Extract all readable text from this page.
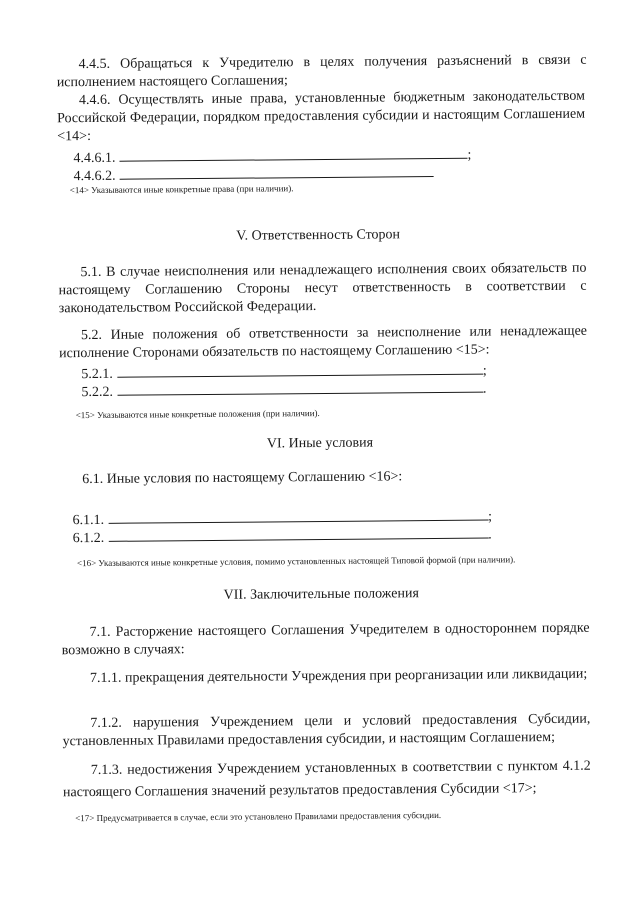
4.4.5. Обращаться к Учредителю в целях получения разъяснений в связи с исполнением настоящего Соглашения;

4.4.6. Осуществлять иные права, установленные бюджетным законодательством Российской Федерации, порядком предоставления субсидии и настоящим Соглашением <14>:

4.4.6.1.	;
4.4.6.2.
<14> Указываются иные конкретные права (при наличии).
V. Ответственность Сторон

5.1. В случае неисполнения или ненадлежащего исполнения своих обязательств по настоящему Соглашению Стороны несут ответственность в соответствии с законодательством Российской Федерации.

5.2. Иные положения об ответственности за неисполнение или ненадлежащее исполнение Сторонами обязательств по настоящему Соглашению <15>:

5.2.1.	;
5.2.2.	.
<15> Указываются иные конкретные положения (при наличии).
VI. Иные условия
6.1. Иные условия по настоящему Соглашению <16>:
6.1.1.	;
6.1.2.	.
<16> Указываются иные конкретные условия, помимо установленных настоящей Типовой формой (при наличии).
VII. Заключительные положения

7.1. Расторжение настоящего Соглашения Учредителем в одностороннем порядке возможно в случаях:

7.1.1. прекращения деятельности Учреждения при реорганизации или ликвидации;

7.1.2. нарушения Учреждением цели и условий предоставления Субсидии, установленных Правилами предоставления субсидии, и настоящим Соглашением;

7.1.3. недостижения Учреждением установленных в соответствии с пунктом 4.1.2 настоящего Соглашения значений результатов предоставления Субсидии <17>;

<17> Предусматривается в случае, если это установлено Правилами предоставления субсидии.
